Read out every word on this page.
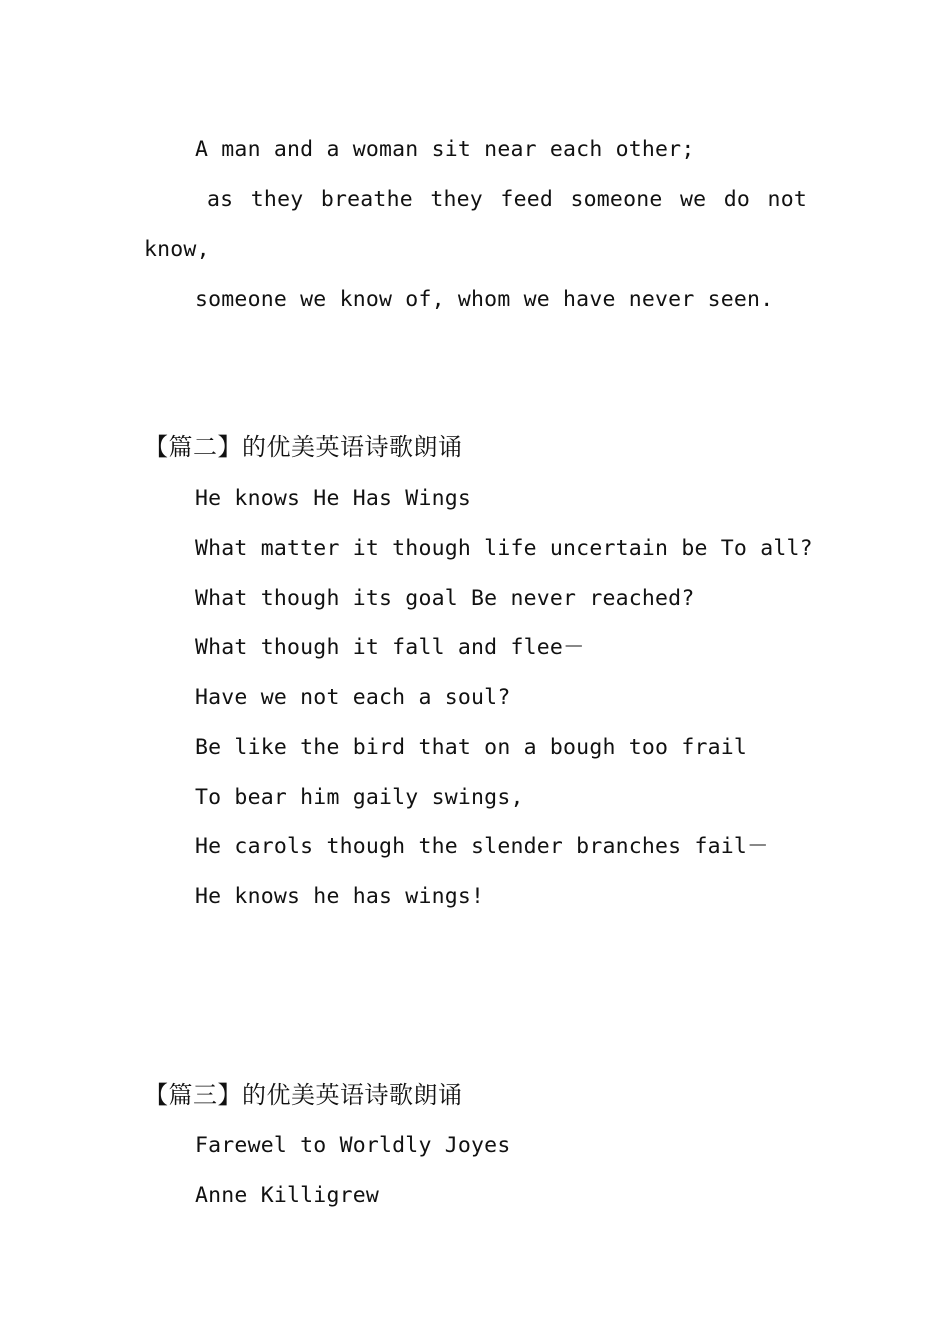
A man and a woman sit near each other;
as they breathe they feed someone we do not
know,
someone we know of, whom we have never seen.
【篇二】的优美英语诗歌朗诵
He knows He Has Wings
What matter it though life uncertain be To all?
What though its goal Be never reached?
What though it fall and flee－
Have we not each a soul?
Be like the bird that on a bough too frail
To bear him gaily swings,
He carols though the slender branches fail－
He knows he has wings!
【篇三】的优美英语诗歌朗诵
Farewel to Worldly Joyes
Anne Killigrew
